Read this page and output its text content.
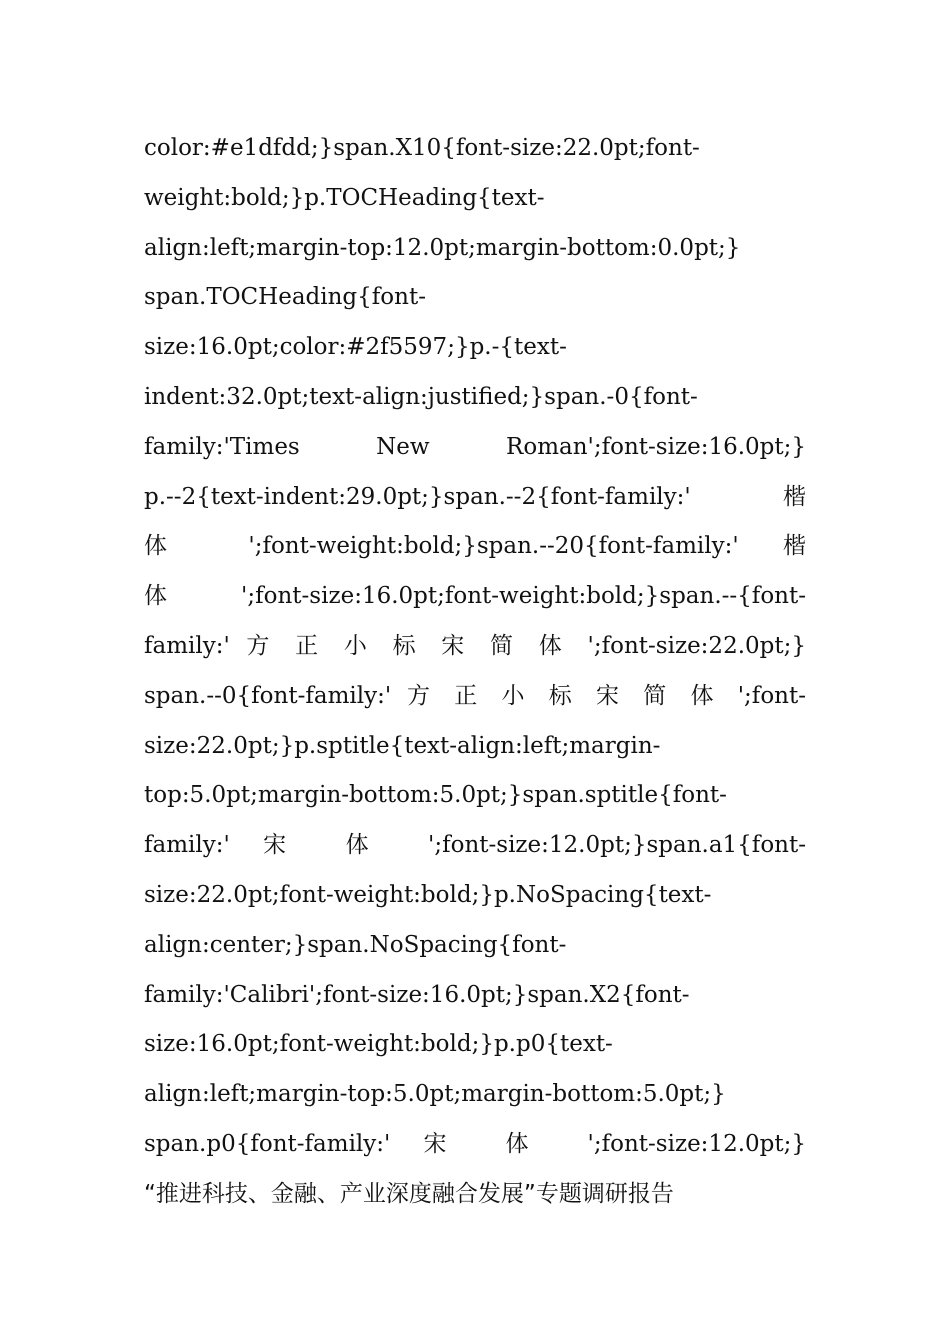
color:#e1dfdd;}span.X10{font-size:22.0pt;font-
weight:bold;}p.TOCHeading{text-
align:left;margin-top:12.0pt;margin-bottom:0.0pt;}
span.TOCHeading{font-
size:16.0pt;color:#2f5597;}p.-{text-
indent:32.0pt;text-align:justified;}span.-0{font-
family:'Times New Roman';font-size:16.0pt;}
p.--2{text-indent:29.0pt;}span.--2{font-family:' 楷
体 ';font-weight:bold;}span.--20{font-family:' 楷
体 ';font-size:16.0pt;font-weight:bold;}span.--{font-
family:' 方 正 小 标 宋 简 体 ';font-size:22.0pt;}
span.--0{font-family:' 方 正 小 标 宋 简 体 ';font-
size:22.0pt;}p.sptitle{text-align:left;margin-
top:5.0pt;margin-bottom:5.0pt;}span.sptitle{font-
family:' 宋 体 ';font-size:12.0pt;}span.a1{font-
size:22.0pt;font-weight:bold;}p.NoSpacing{text-
align:center;}span.NoSpacing{font-
family:'Calibri';font-size:16.0pt;}span.X2{font-
size:16.0pt;font-weight:bold;}p.p0{text-
align:left;margin-top:5.0pt;margin-bottom:5.0pt;}
span.p0{font-family:' 宋 体 ';font-size:12.0pt;}
“推进科技、金融、产业深度融合发展”专题调研报告
